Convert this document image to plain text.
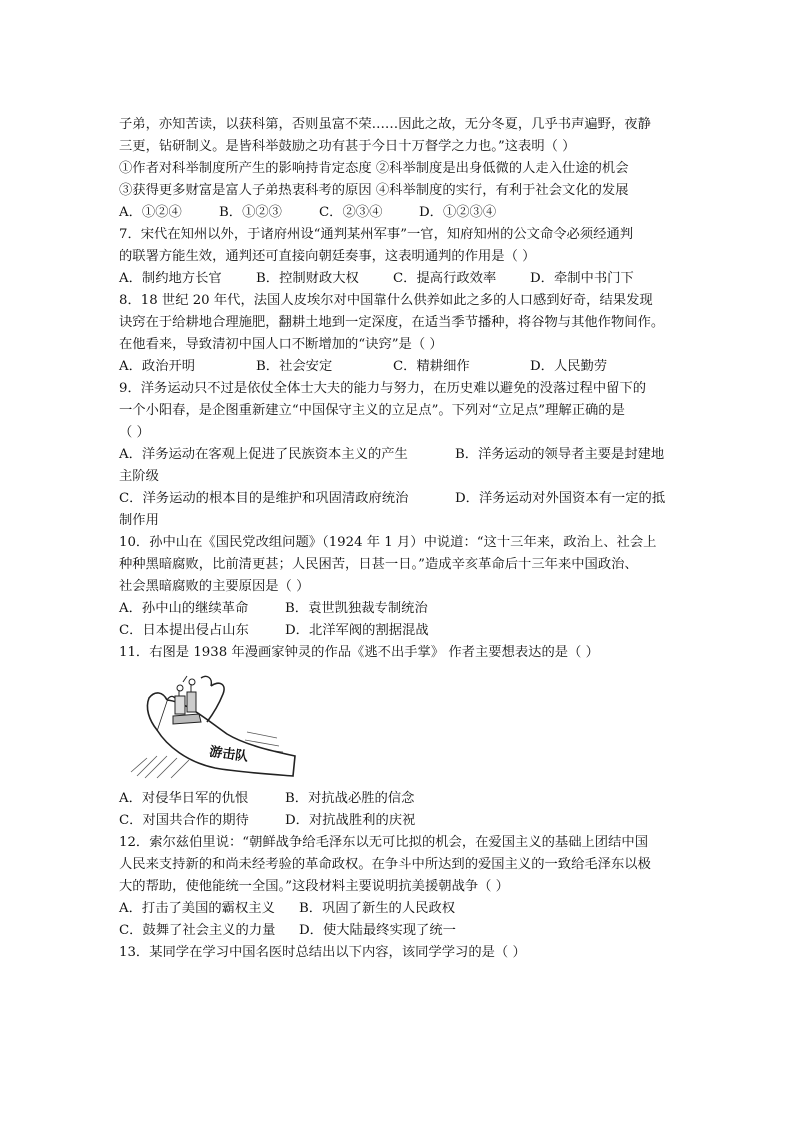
子弟，亦知苦读，以获科第，否则虽富不荣……因此之故，无分冬夏，几乎书声遍野，夜静
三更，钻研制义。是皆科举鼓励之功有甚于今日十万督学之力也。”这表明（ ）
①作者对科举制度所产生的影响持肯定态度 ②科举制度是出身低微的人走入仕途的机会
③获得更多财富是富人子弟热衷科考的原因 ④科举制度的实行，有利于社会文化的发展
A．①②④	B．①②③	C．②③④	D．①②③④
7．宋代在知州以外，于诸府州设“通判某州军事”一官，知府知州的公文命令必须经通判
的联署方能生效，通判还可直接向朝廷奏事，这表明通判的作用是（ ）
A．制约地方长官	B．控制财政大权	C．提高行政效率	D．牵制中书门下
8．18 世纪 20 年代，法国人皮埃尔对中国靠什么供养如此之多的人口感到好奇，结果发现
诀窍在于给耕地合理施肥，翻耕土地到一定深度，在适当季节播种，将谷物与其他作物间作。
在他看来，导致清初中国人口不断增加的“诀窍”是（ ）
A．政治开明	B．社会安定	C．精耕细作	D．人民勤劳
9．洋务运动只不过是依仗全体士大夫的能力与努力，在历史难以避免的没落过程中留下的
一个小阳春，是企图重新建立“中国保守主义的立足点”。下列对“立足点”理解正确的是
（ ）
A．洋务运动在客观上促进了民族资本主义的产生	B．洋务运动的领导者主要是封建地
主阶级
C．洋务运动的根本目的是维护和巩固清政府统治	D．洋务运动对外国资本有一定的抵
制作用
10．孙中山在《国民党改组问题》（1924 年 1 月）中说道：“这十三年来，政治上、社会上
种种黑暗腐败，比前清更甚；人民困苦，日甚一日。”造成辛亥革命后十三年来中国政治、
社会黑暗腐败的主要原因是（ ）
A．孙中山的继续革命	B．袁世凯独裁专制统治
C．日本提出侵占山东	D．北洋军阀的割据混战
11．右图是 1938 年漫画家钟灵的作品《逃不出手掌》 作者主要想表达的是（ ）
游击队
A．对侵华日军的仇恨	B．对抗战必胜的信念
C．对国共合作的期待	D．对抗战胜利的庆祝
12．索尔兹伯里说：“朝鲜战争给毛泽东以无可比拟的机会，在爱国主义的基础上团结中国
人民来支持新的和尚未经考验的革命政权。在争斗中所达到的爱国主义的一致给毛泽东以极
大的帮助，使他能统一全国。”这段材料主要说明抗美援朝战争（ ）
A．打击了美国的霸权主义	B．巩固了新生的人民政权
C．鼓舞了社会主义的力量	D．使大陆最终实现了统一
13．某同学在学习中国名医时总结出以下内容，该同学学习的是（ ）
